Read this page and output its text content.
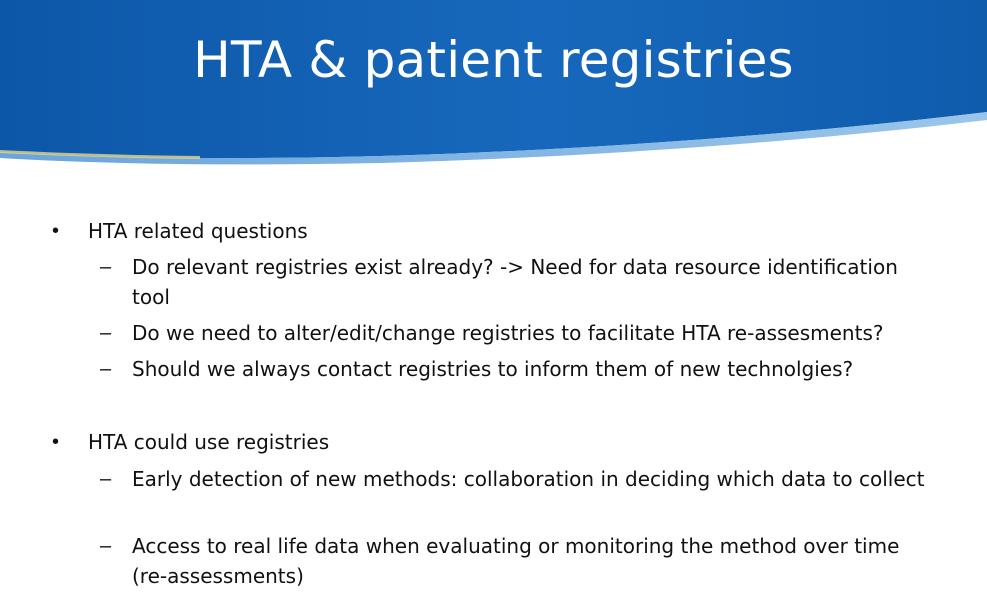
HTA & patient registries
• HTA related questions
– Do relevant registries exist already? -> Need for data resource identification tool
– Do we need to alter/edit/change registries to facilitate HTA re-assesments?
– Should we always contact registries to inform them of new technolgies?
• HTA could use registries
– Early detection of new methods: collaboration in deciding which data to collect
– Access to real life data when evaluating or monitoring the method over time (re-assessments)
